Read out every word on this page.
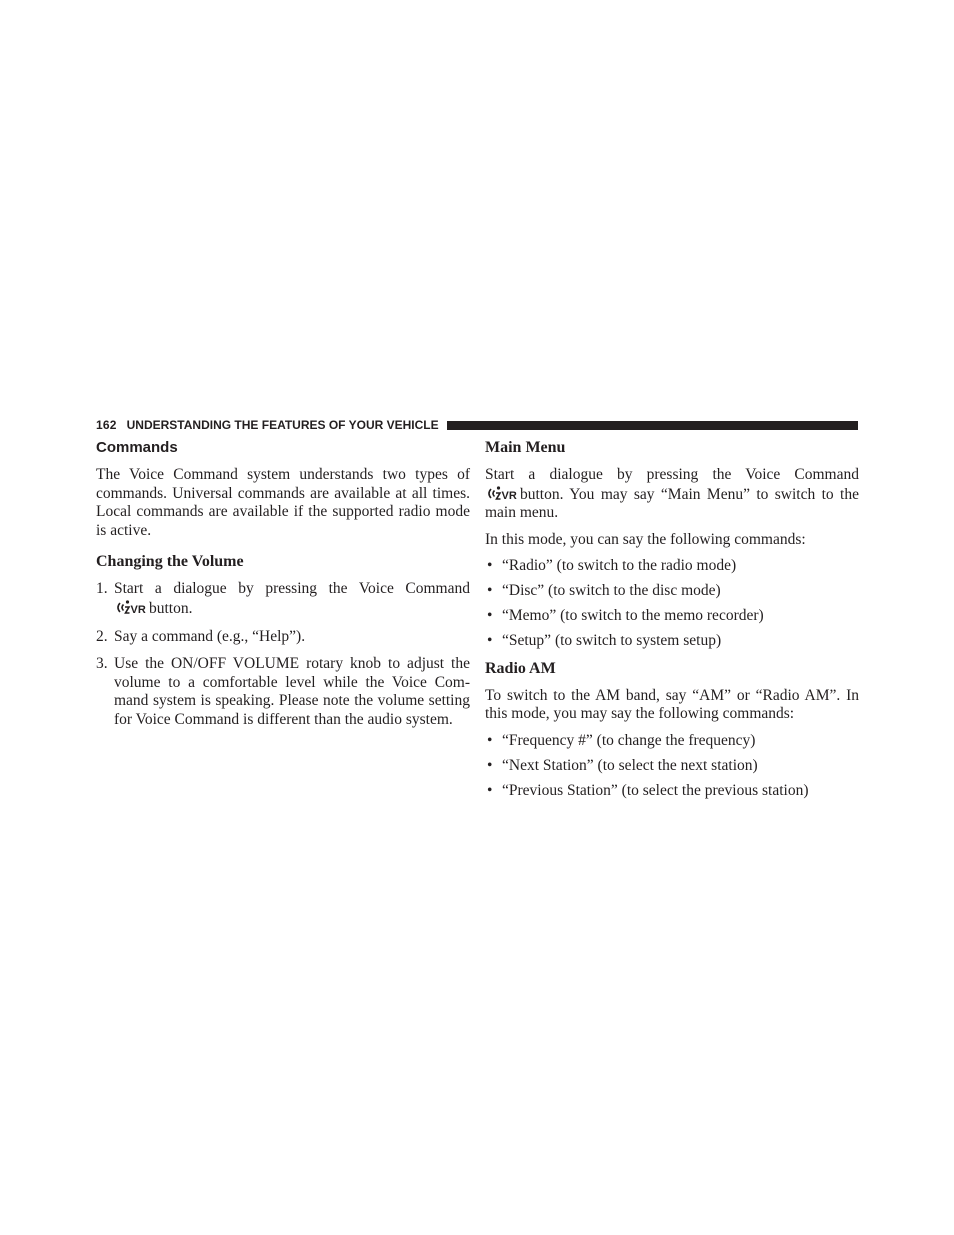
162 UNDERSTANDING THE FEATURES OF YOUR VEHICLE
Commands

The Voice Command system understands two types of commands. Universal commands are available at all times. Local commands are available if the supported radio mode is active.

Changing the Volume
1. Start a dialogue by pressing the Voice Command
VR button.
2. Say a command (e.g., “Help”).
3. Use the ON/OFF VOLUME rotary knob to adjust the volume to a comfortable level while the Voice Com- mand system is speaking. Please note the volume setting for Voice Command is different than the audio system.
Main Menu

Start a dialogue by pressing the Voice Command
VR button. You may say “Main Menu” to switch to the main menu.

In this mode, you can say the following commands:

• “Radio” (to switch to the radio mode)
• “Disc” (to switch to the disc mode)
• “Memo” (to switch to the memo recorder)
• “Setup” (to switch to system setup)
Radio AM

To switch to the AM band, say “AM” or “Radio AM”. In this mode, you may say the following commands:

• “Frequency #” (to change the frequency)
• “Next Station” (to select the next station)
• “Previous Station” (to select the previous station)
